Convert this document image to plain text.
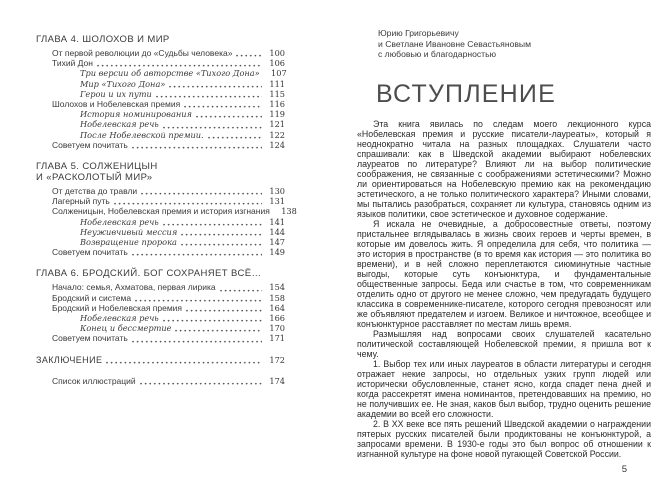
ГЛАВА 4. ШОЛОХОВ И МИР
От первой революции до «Судьбы человека»	100
Тихий Дон	106
Три версии об авторстве «Тихого Дона»	107
Мир «Тихого Дона»	111
Герои и их пути	115
Шолохов и Нобелевская премия	116
История номинирования	119
Нобелевская речь	121
После Нобелевской премии.	122
Советуем почитать	124
ГЛАВА 5. СОЛЖЕНИЦЫН
И «РАСКОЛОТЫЙ МИР»
От детства до травли	130
Лагерный путь	131
Солженицын, Нобелевская премия и история изгнания	138
Нобелевская речь	141
Неуживчивый мессия	144
Возвращение пророка	147
Советуем почитать	149
ГЛАВА 6. БРОДСКИЙ. БОГ СОХРАНЯЕТ ВСЁ…
Начало: семья, Ахматова, первая лирика	154
Бродский и система	158
Бродский и Нобелевская премия	164
Нобелевская речь	166
Конец и бессмертие	170
Советуем почитать	171
ЗАКЛЮЧЕНИЕ	172
Список иллюстраций	174
Юрию Григорьевичу
и Светлане Ивановне Севастьяновым
с любовью и благодарностью
ВСТУПЛЕНИЕ

Эта книга явилась по следам моего лекционного курса «Нобелевская премия и русские писатели-лауреаты», который я неоднократно читала на разных площадках. Слушатели часто спрашивали: как в Шведской академии выбирают нобелевских лауреатов по литературе? Влияют ли на выбор политические соображения, не связанные с соображениями эстетическими? Можно ли ориентироваться на Нобелевскую премию как на рекомендацию эстетического, а не только политического характера? Иными словами, мы пытались разобраться, сохраняет ли культура, становясь одним из языков политики, свое эстетическое и духовное содержание.

Я искала не очевидные, а добросовестные ответы, поэтому пристальнее вглядывалась в жизнь своих героев и черты времен, в которые им довелось жить. Я определила для себя, что политика — это история в пространстве (в то время как история — это политика во времени), и в ней сложно переплетаются сиюминутные частные выгоды, которые суть конъюнктура, и фундаментальные общественные запросы. Беда или счастье в том, что современникам отделить одно от другого не менее сложно, чем предугадать будущего классика в современнике-писателе, которого сегодня превозносят или же объявляют предателем и изгоем. Великое и ничтожное, всеобщее и конъюнктурное расставляет по местам лишь время.

Размышляя над вопросами своих слушателей касательно политической составляющей Нобелевской премии, я пришла вот к чему.

1. Выбор тех или иных лауреатов в области литературы и сегодня отражает некие запросы, но отдельных узких групп людей или исторически обусловленные, станет ясно, когда спадет пена дней и когда рассекретят имена номинантов, претендовавших на премию, но не получивших ее. Не зная, каков был выбор, трудно оценить решение академии во всей его сложности.

2. В XX веке все пять решений Шведской академии о награждении пятерых русских писателей были продиктованы не конъюнктурой, а запросами времени. В 1930-е годы это был вопрос об отношении к изгнанной культуре на фоне новой пугающей Советской России.

5
